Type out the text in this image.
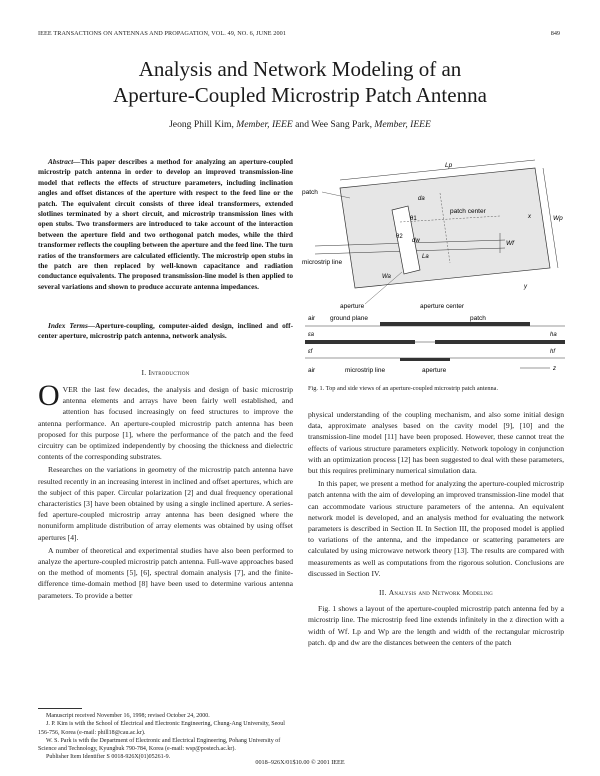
IEEE TRANSACTIONS ON ANTENNAS AND PROPAGATION, VOL. 49, NO. 6, JUNE 2001	849
Analysis and Network Modeling of an
Aperture-Coupled Microstrip Patch Antenna
Jeong Phill Kim, Member, IEEE and Wee Sang Park, Member, IEEE
Abstract—This paper describes a method for analyzing an aperture-coupled microstrip patch antenna in order to develop an improved transmission-line model that reflects the effects of structure parameters, including inclination angles and offset distances of the aperture with respect to the feed line or the patch. The equivalent circuit consists of three ideal transformers, extended slotlines terminated by a short circuit, and microstrip transmission lines with open stubs. Two transformers are introduced to take account of the interaction between the aperture field and two orthogonal patch modes, while the third transformer reflects the coupling between the aperture and the feed line. The turn ratios of the transformers are calculated efficiently. The microstrip open stubs in the patch are then replaced by well-known capacitance and radiation conductance equivalents. The proposed transmission-line model is then applied to several variations and shown to produce accurate antenna impedances.
Index Terms—Aperture-coupling, computer-aided design, inclined and off-center aperture, microstrip patch antenna, network analysis.
I. Introduction

OVER the last few decades, the analysis and design of basic microstrip antenna elements and arrays have been fairly well established, and attention has focused increasingly on feed structures to improve the antenna performance. An aperture-coupled microstrip patch antenna has been proposed for this purpose [1], where the performance of the patch and the feed circuitry can be optimized independently by choosing the thickness and dielectric contents of the corresponding substrates.

Researches on the variations in geometry of the microstrip patch antenna have resulted recently in an increasing interest in inclined and offset apertures, which are the subject of this paper. Circular polarization [2] and dual frequency operational characteristics [3] have been obtained by using a single inclined aperture. A series-fed aperture-coupled microstrip array antenna has been designed where the nonuniform amplitude distribution of array elements was obtained by using offset apertures [4].

A number of theoretical and experimental studies have also been performed to analyze the aperture-coupled microstrip patch antenna. Full-wave approaches based on the method of moments [5], [6], spectral domain analysis [7], and the finite-difference time-domain method [8] have been used to determine various antenna parameters. To provide a better

Manuscript received November 16, 1998; revised October 24, 2000.

J. P. Kim is with the School of Electrical and Electronic Engineering, Chung-Ang University, Seoul 156-756, Korea (e-mail: phill18@cau.ac.kr).

W. S. Park is with the Department of Electronic and Electrical Engineering, Pohang University of Science and Technology, Kyungbuk 790-784, Korea (e-mail: wsp@postech.ac.kr).

Publisher Item Identifier S 0018-926X(01)05261-9.

Lp
Wp
Wf
patch
patch center
microstrip line
aperture	aperture center
da
dw
θ1
θ2
La
Wa
air ground plane	patch
εa
εf
ha
hf
air	microstrip line	aperture	z
x
y
Fig. 1. Top and side views of an aperture-coupled microstrip patch antenna.

physical understanding of the coupling mechanism, and also some initial design data, approximate analyses based on the cavity model [9], [10] and the transmission-line model [11] have been proposed. However, these cannot treat the effects of various structure parameters explicitly. Network topology in conjunction with an optimization process [12] has been suggested to deal with these parameters, but this requires preliminary numerical simulation data.

In this paper, we present a method for analyzing the aperture-coupled microstrip patch antenna with the aim of developing an improved transmission-line model that can accommodate various structure parameters of the antenna. An equivalent network model is developed, and an analysis method for evaluating the network parameters is described in Section II. In Section III, the proposed model is applied to variations of the antenna, and the impedance or scattering parameters are calculated by using microwave network theory [13]. The results are compared with measurements as well as computations from the rigorous solution. Conclusions are discussed in Section IV.

II. Analysis and Network Modeling

Fig. 1 shows a layout of the aperture-coupled microstrip patch antenna fed by a microstrip line. The microstrip feed line extends infinitely in the z direction with a width of Wf. Lp and Wp are the length and width of the rectangular microstrip patch. dp and dw are the distances between the centers of the patch

0018–926X/01$10.00 © 2001 IEEE
